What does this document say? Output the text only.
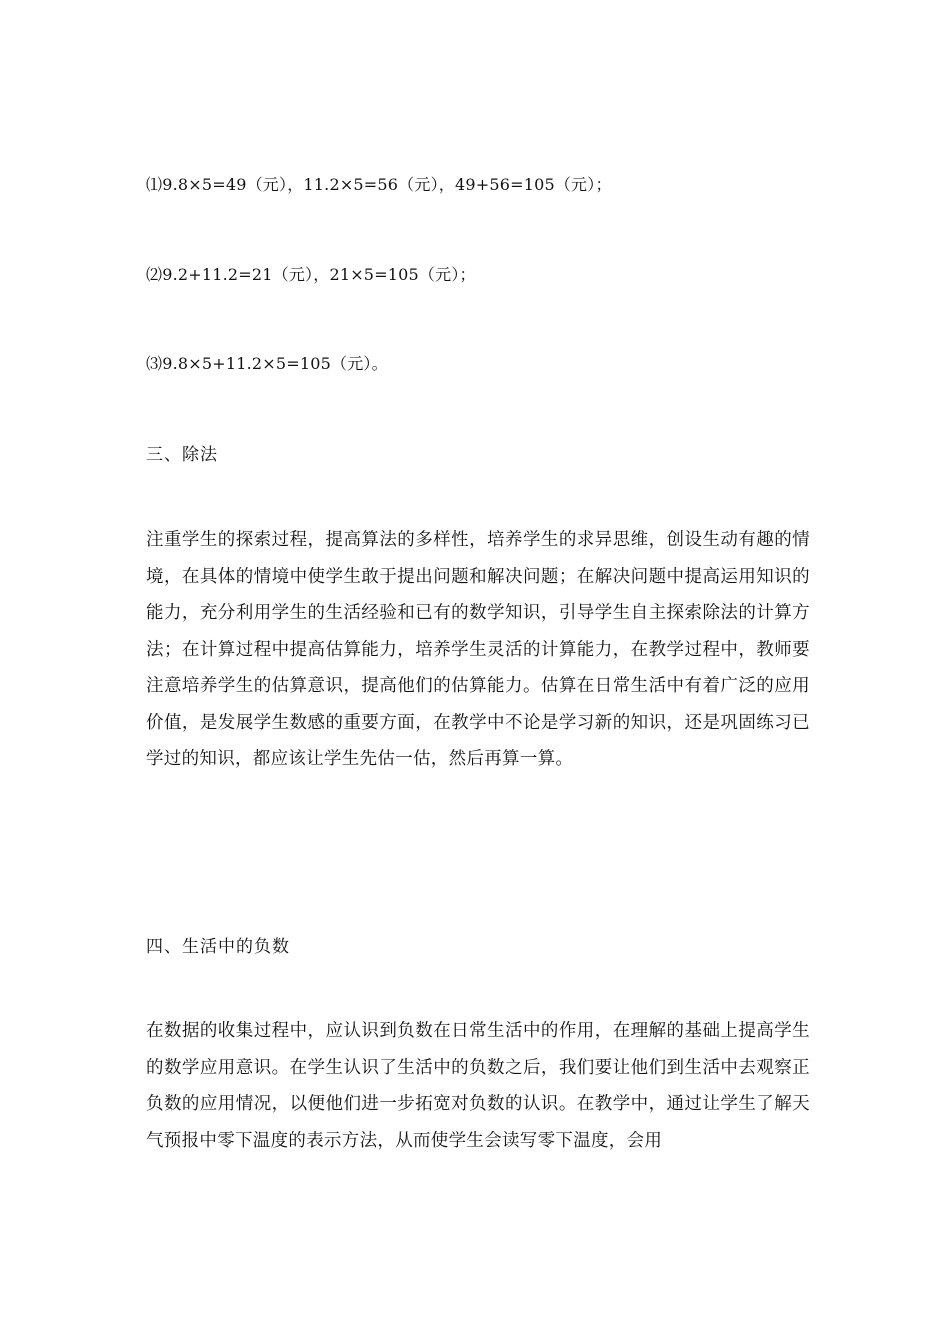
⑴9.8×5=49（元），11.2×5=56（元），49+56=105（元）；
⑵9.2+11.2=21（元），21×5=105（元）；
⑶9.8×5+11.2×5=105（元）。
三、除法
注重学生的探索过程，提高算法的多样性，培养学生的求异思维，创设生动有趣的情境，在具体的情境中使学生敢于提出问题和解决问题；在解决问题中提高运用知识的能力，充分利用学生的生活经验和已有的数学知识，引导学生自主探索除法的计算方法；在计算过程中提高估算能力，培养学生灵活的计算能力，在教学过程中，教师要注意培养学生的估算意识，提高他们的估算能力。估算在日常生活中有着广泛的应用价值，是发展学生数感的重要方面，在教学中不论是学习新的知识，还是巩固练习已学过的知识，都应该让学生先估一估，然后再算一算。
四、生活中的负数
在数据的收集过程中，应认识到负数在日常生活中的作用，在理解的基础上提高学生的数学应用意识。在学生认识了生活中的负数之后，我们要让他们到生活中去观察正负数的应用情况，以便他们进一步拓宽对负数的认识。在教学中，通过让学生了解天气预报中零下温度的表示方法，从而使学生会读写零下温度，会用
